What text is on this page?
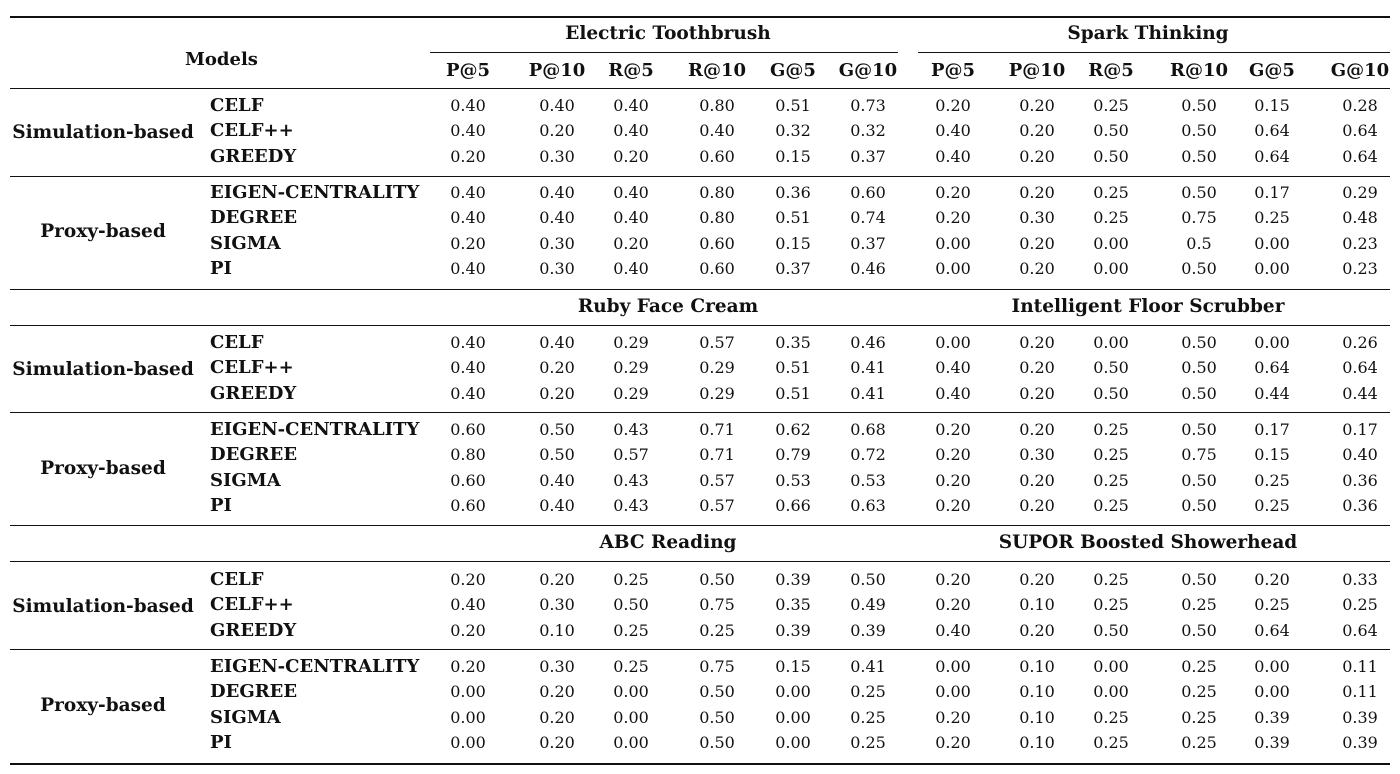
Models
P@5 P@10 R@5 R@10 G@5 G@10 P@5 P@10 R@5 R@10 G@5 G@10
Electric Toothbrush	Spark Thinking
Simulation-based
CELF	0.40	0.40 0.40	0.80	0.51 0.73	0.20	0.20 0.25	0.50 0.15	0.28
CELF++	0.40	0.20 0.40	0.40	0.32 0.32	0.40	0.20 0.50	0.50 0.64	0.64
GREEDY	0.20	0.30 0.20	0.60	0.15 0.37	0.40	0.20 0.50	0.50 0.64	0.64
Proxy-based
EIGEN-CENTRALITY 0.40	0.40 0.40	0.80	0.36 0.60	0.20	0.20 0.25	0.50 0.17	0.29
DEGREE	0.40	0.40 0.40	0.80	0.51 0.74	0.20	0.30 0.25	0.75 0.25	0.48
SIGMA	0.20	0.30 0.20	0.60	0.15 0.37	0.00	0.20 0.00	0.5	0.00	0.23
PI	0.40	0.30 0.40	0.60	0.37 0.46	0.00	0.20 0.00	0.50 0.00	0.23
Ruby Face Cream	Intelligent Floor Scrubber
Simulation-based
CELF	0.40	0.40 0.29	0.57	0.35 0.46	0.00	0.20 0.00	0.50 0.00	0.26
CELF++	0.40	0.20 0.29	0.29	0.51 0.41	0.40	0.20 0.50	0.50 0.64	0.64
GREEDY	0.40	0.20 0.29	0.29	0.51 0.41	0.40	0.20 0.50	0.50 0.44	0.44
Proxy-based
EIGEN-CENTRALITY 0.60	0.50 0.43	0.71	0.62 0.68	0.20	0.20 0.25	0.50 0.17	0.17
DEGREE	0.80	0.50 0.57	0.71	0.79 0.72	0.20	0.30 0.25	0.75 0.15	0.40
SIGMA	0.60	0.40 0.43	0.57	0.53 0.53	0.20	0.20 0.25	0.50 0.25	0.36
PI	0.60	0.40 0.43	0.57	0.66 0.63	0.20	0.20 0.25	0.50 0.25	0.36
ABC Reading	SUPOR Boosted Showerhead
Simulation-based
CELF	0.20	0.20 0.25	0.50	0.39 0.50	0.20	0.20 0.25	0.50 0.20	0.33
CELF++	0.40	0.30 0.50	0.75	0.35 0.49	0.20	0.10 0.25	0.25 0.25	0.25
GREEDY	0.20	0.10 0.25	0.25	0.39 0.39	0.40	0.20 0.50	0.50 0.64	0.64
Proxy-based
EIGEN-CENTRALITY 0.20	0.30 0.25	0.75	0.15 0.41	0.00	0.10 0.00	0.25 0.00	0.11
DEGREE	0.00	0.20 0.00	0.50	0.00 0.25	0.00	0.10 0.00	0.25 0.00	0.11
SIGMA	0.00	0.20 0.00	0.50	0.00 0.25	0.20	0.10 0.25	0.25 0.39	0.39
PI	0.00	0.20 0.00	0.50	0.00 0.25	0.20	0.10 0.25	0.25 0.39	0.39
